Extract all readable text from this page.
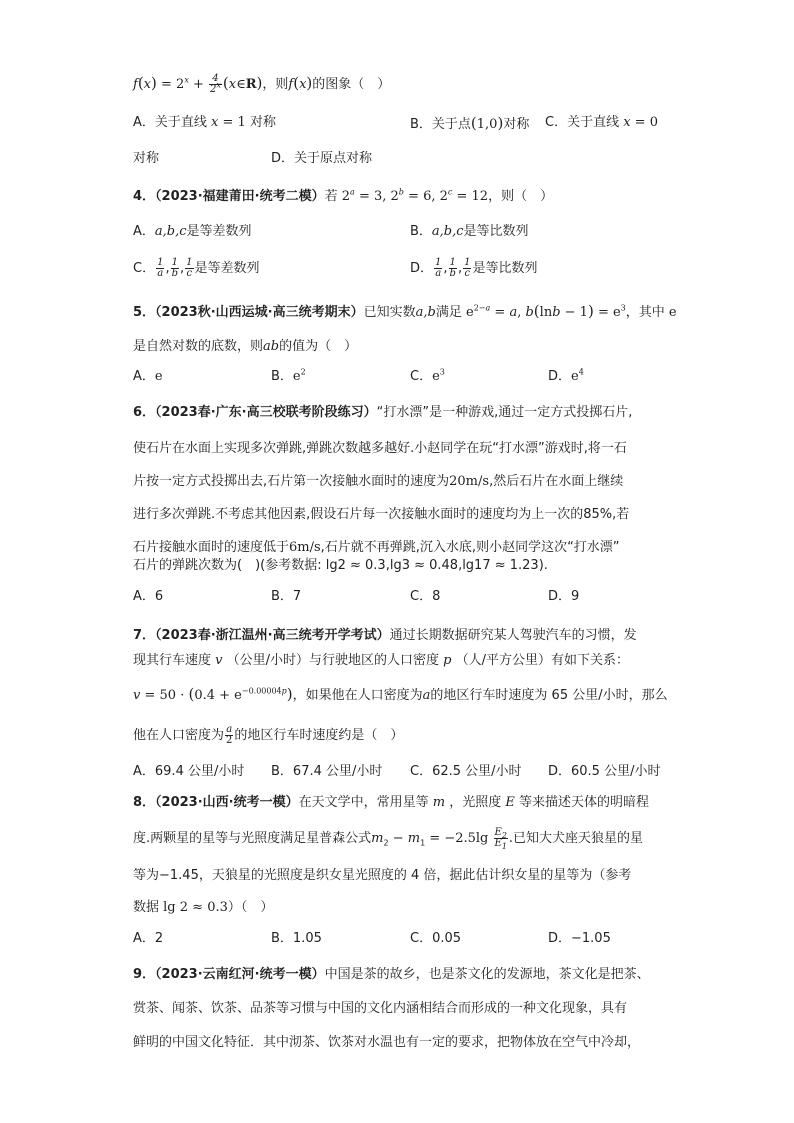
$f(x) = 2^x + \frac{4}{2^x}$ (x∈R)，则f(x)的图象（　）
A．关于直线 x = 1 对称	B．关于点(1,0)对称 C．关于直线 x = 0
对称	D．关于原点对称
4．（2023·福建莆田·统考二模）若 $2^a = 3$, $2^b = 6$, $2^c = 12$，则（　）
A．a,b,c是等差数列	B．a,b,c是等比数列
C． $\frac{1}{a}$ , $\frac{1}{b}$ , $\frac{1}{c}$ 是等差数列	D． $\frac{1}{a}$ , $\frac{1}{b}$ , $\frac{1}{c}$ 是等比数列
5．（2023秋·山西运城·高三统考期末）已知实数a,b满足 $e^{2-a} = a$, $b(\ln b - 1) = e^3$，其中 e
是自然对数的底数，则ab的值为（　）
A．e	B．$e^2$	C．$e^3$	D．$e^4$
6．（2023春·广东·高三校联考阶段练习）“打水漂”是一种游戏,通过一定方式投掷石片,
使石片在水面上实现多次弹跳,弹跳次数越多越好.小赵同学在玩“打水漂”游戏时,将一石
片按一定方式投掷出去,石片第一次接触水面时的速度为20m/s,然后石片在水面上继续
进行多次弹跳.不考虑其他因素,假设石片每一次接触水面时的速度均为上一次的85%,若
石片接触水面时的速度低于6m/s,石片就不再弹跳,沉入水底,则小赵同学这次“打水漂”
石片的弹跳次数为(　)(参考数据: lg2 ≈ 0.3,lg3 ≈ 0.48,lg17 ≈ 1.23).
A．6	B．7	C．8	D．9
7．（2023春·浙江温州·高三统考开学考试）通过长期数据研究某人驾驶汽车的习惯，发
现其行车速度 v （公里/小时）与行驶地区的人口密度 p （人/平方公里）有如下关系：
$v = 50 \cdot (0.4 + e^{-0.00004p})$，如果他在人口密度为a的地区行车时速度为 65 公里/小时，那么
他在人口密度为 $\frac{a}{2}$ 的地区行车时速度约是（　）
A．69.4 公里/小时 B．67.4 公里/小时 C．62.5 公里/小时 D．60.5 公里/小时
8．（2023·山西·统考一模）在天文学中，常用星等 m ，光照度 E 等来描述天体的明暗程
度.两颗星的星等与光照度满足星普森公式$m_2 - m_1 = -2.5\lg \frac{E_2}{E_1}$ .已知大犬座天狼星的星
等为−1.45，天狼星的光照度是织女星光照度的 4 倍，据此估计织女星的星等为（参考
数据 lg 2 ≈ 0.3）（　）
A．2	B．1.05	C．0.05	D．−1.05
9．（2023·云南红河·统考一模）中国是茶的故乡，也是茶文化的发源地，茶文化是把茶、
赏茶、闻茶、饮茶、品茶等习惯与中国的文化内涵相结合而形成的一种文化现象，具有
鲜明的中国文化特征．其中沏茶、饮茶对水温也有一定的要求，把物体放在空气中冷却，
